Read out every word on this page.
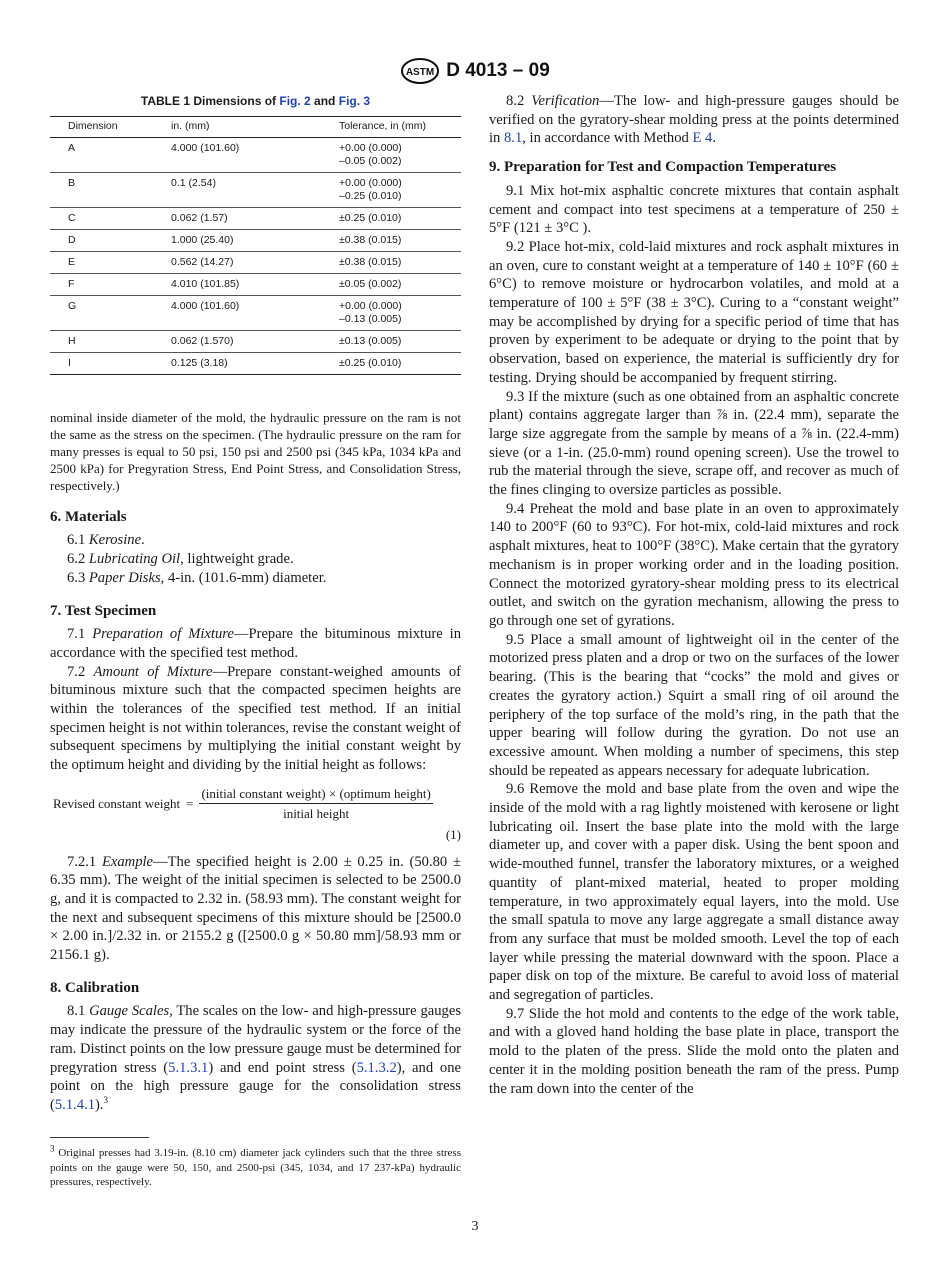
ASTM D 4013 – 09
TABLE 1 Dimensions of Fig. 2 and Fig. 3
Dimension	in. (mm)	Tolerance, in (mm)
A	4.000 (101.60)	+0.00 (0.000)
–0.05 (0.002)

B	0.1 (2.54)	+0.00 (0.000)
–0.25 (0.010)

C	0.062 (1.57)	±0.25 (0.010)

D	1.000 (25.40)	±0.38 (0.015)

E	0.562 (14.27)	±0.38 (0.015)

F	4.010 (101.85)	±0.05 (0.002)

G	4.000 (101.60)	+0.00 (0.000)
–0.13 (0.005)

H	0.062 (1.570)	±0.13 (0.005)

I	0.125 (3.18)	±0.25 (0.010)

nominal inside diameter of the mold, the hydraulic pressure on the ram is not the same as the stress on the specimen. (The hydraulic pressure on the ram for many presses is equal to 50 psi, 150 psi and 2500 psi (345 kPa, 1034 kPa and 2500 kPa) for Pregyration Stress, End Point Stress, and Consolidation Stress, respectively.)

6. Materials

6.1 Kerosine.

6.2 Lubricating Oil, lightweight grade.

6.3 Paper Disks, 4-in. (101.6-mm) diameter.

7. Test Specimen

7.1 Preparation of Mixture—Prepare the bituminous mixture in accordance with the specified test method.

7.2 Amount of Mixture—Prepare constant-weighed amounts of bituminous mixture such that the compacted specimen heights are within the tolerances of the specified test method. If an initial specimen height is not within tolerances, revise the constant weight of subsequent specimens by multiplying the initial constant weight by the optimum height and dividing by the initial height as follows:

Revised constant weight = $\frac{\text{(initial constant weight) × (optimum height)}}{\text{initial height}}$
(1)

7.2.1 Example—The specified height is 2.00 ± 0.25 in. (50.80 ± 6.35 mm). The weight of the initial specimen is selected to be 2500.0 g, and it is compacted to 2.32 in. (58.93 mm). The constant weight for the next and subsequent specimens of this mixture should be [2500.0 × 2.00 in.]/2.32 in. or 2155.2 g ([2500.0 g × 50.80 mm]/58.93 mm or 2156.1 g).

8. Calibration

8.1 Gauge Scales, The scales on the low- and high-pressure gauges may indicate the pressure of the hydraulic system or the force of the ram. Distinct points on the low pressure gauge must be determined for pregyration stress (5.1.3.1) and end point stress (5.1.3.2), and one point on the high pressure gauge for the consolidation stress (5.1.4.1).$^3$

$^3$ Original presses had 3.19-in. (8.10 cm) diameter jack cylinders such that the three stress points on the gauge were 50, 150, and 2500-psi (345, 1034, and 17 237-kPa) hydraulic pressures, respectively.

8.2 Verification—The low- and high-pressure gauges should be verified on the gyratory-shear molding press at the points determined in 8.1, in accordance with Method E 4.

9. Preparation for Test and Compaction Temperatures

9.1 Mix hot-mix asphaltic concrete mixtures that contain asphalt cement and compact into test specimens at a temperature of 250 ± 5°F (121 ± 3°C ).

9.2 Place hot-mix, cold-laid mixtures and rock asphalt mixtures in an oven, cure to constant weight at a temperature of 140 ± 10°F (60 ± 6°C) to remove moisture or hydrocarbon volatiles, and mold at a temperature of 100 ± 5°F (38 ± 3°C). Curing to a “constant weight” may be accomplished by drying for a specific period of time that has proven by experiment to be adequate or drying to the point that by observation, based on experience, the material is sufficiently dry for testing. Drying should be accompanied by frequent stirring.

9.3 If the mixture (such as one obtained from an asphaltic concrete plant) contains aggregate larger than ⅞ in. (22.4 mm), separate the large size aggregate from the sample by means of a ⅞ in. (22.4-mm) sieve (or a 1-in. (25.0-mm) round opening screen). Use the trowel to rub the material through the sieve, scrape off, and recover as much of the fines clinging to oversize particles as possible.

9.4 Preheat the mold and base plate in an oven to approximately 140 to 200°F (60 to 93°C). For hot-mix, cold-laid mixtures and rock asphalt mixtures, heat to 100°F (38°C). Make certain that the gyratory mechanism is in proper working order and in the loading position. Connect the motorized gyratory-shear molding press to its electrical outlet, and switch on the gyration mechanism, allowing the press to go through one set of gyrations.

9.5 Place a small amount of lightweight oil in the center of the motorized press platen and a drop or two on the surfaces of the lower bearing. (This is the bearing that “cocks” the mold and gives or creates the gyratory action.) Squirt a small ring of oil around the periphery of the top surface of the mold’s ring, in the path that the upper bearing will follow during the gyration. Do not use an excessive amount. When molding a number of specimens, this step should be repeated as appears necessary for adequate lubrication.

9.6 Remove the mold and base plate from the oven and wipe the inside of the mold with a rag lightly moistened with kerosene or light lubricating oil. Insert the base plate into the mold with the large diameter up, and cover with a paper disk. Using the bent spoon and wide-mouthed funnel, transfer the laboratory mixtures, or a weighed quantity of plant-mixed material, heated to proper molding temperature, in two approximately equal layers, into the mold. Use the small spatula to move any large aggregate a small distance away from any surface that must be molded smooth. Level the top of each layer while pressing the material downward with the spoon. Place a paper disk on top of the mixture. Be careful to avoid loss of material and segregation of particles.

9.7 Slide the hot mold and contents to the edge of the work table, and with a gloved hand holding the base plate in place, transport the mold to the platen of the press. Slide the mold onto the platen and center it in the molding position beneath the ram of the press. Pump the ram down into the center of the

3
